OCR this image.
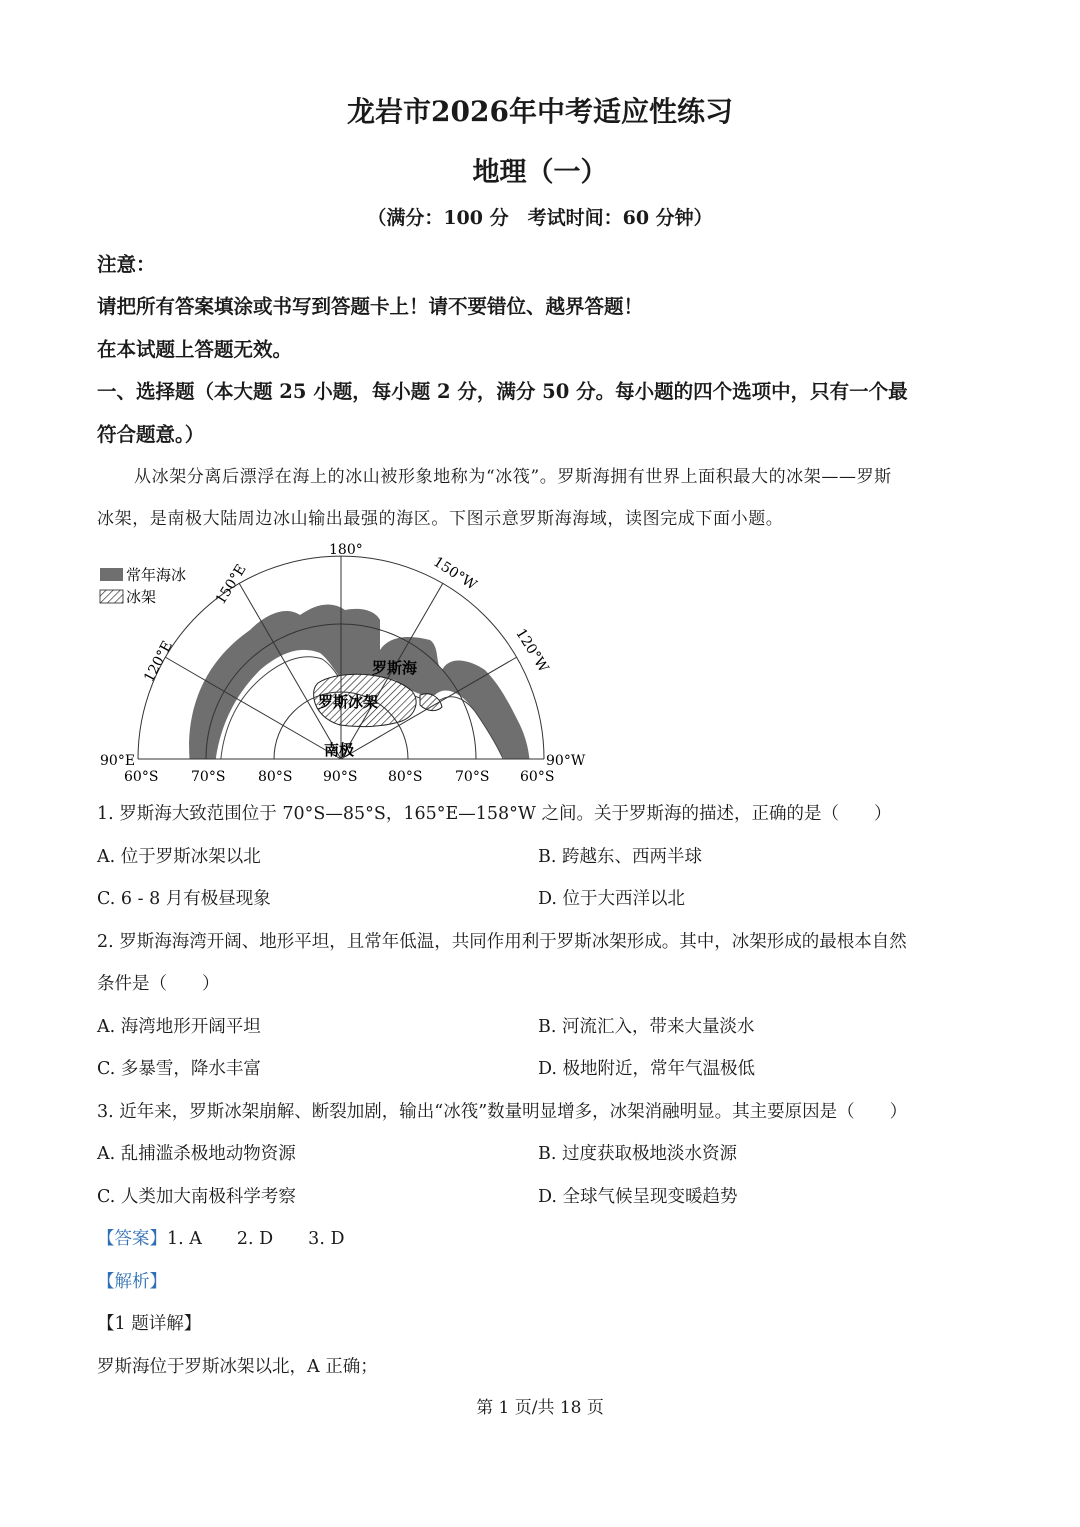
龙岩市2026年中考适应性练习
地理（一）
（满分：100 分　考试时间：60 分钟）
注意：
请把所有答案填涂或书写到答题卡上！请不要错位、越界答题！
在本试题上答题无效。
一、选择题（本大题 25 小题，每小题 2 分，满分 50 分。每小题的四个选项中，只有一个最
符合题意。）
从冰架分离后漂浮在海上的冰山被形象地称为“冰筏”。罗斯海拥有世界上面积最大的冰架——罗斯
冰架，是南极大陆周边冰山输出最强的海区。下图示意罗斯海海域，读图完成下面小题。
常年海冰
冰架
180°
150°E	150°W
120°E	120°W
90°E	90°W
罗斯海
罗斯冰架
南极
60°S 70°S 80°S 90°S 80°S 70°S 60°S
1. 罗斯海大致范围位于 70°S—85°S，165°E—158°W 之间。关于罗斯海的描述，正确的是（　　）
A. 位于罗斯冰架以北	B. 跨越东、西两半球
C. 6 - 8 月有极昼现象	D. 位于大西洋以北
2. 罗斯海海湾开阔、地形平坦，且常年低温，共同作用利于罗斯冰架形成。其中，冰架形成的最根本自然
条件是（　　）
A. 海湾地形开阔平坦	B. 河流汇入，带来大量淡水
C. 多暴雪，降水丰富	D. 极地附近，常年气温极低
3. 近年来，罗斯冰架崩解、断裂加剧，输出“冰筏”数量明显增多，冰架消融明显。其主要原因是（　　）
A. 乱捕滥杀极地动物资源	B. 过度获取极地淡水资源
C. 人类加大南极科学考察	D. 全球气候呈现变暖趋势
【答案】1. A　　2. D　　3. D
【解析】
【1 题详解】
罗斯海位于罗斯冰架以北，A 正确；
第 1 页/共 18 页
